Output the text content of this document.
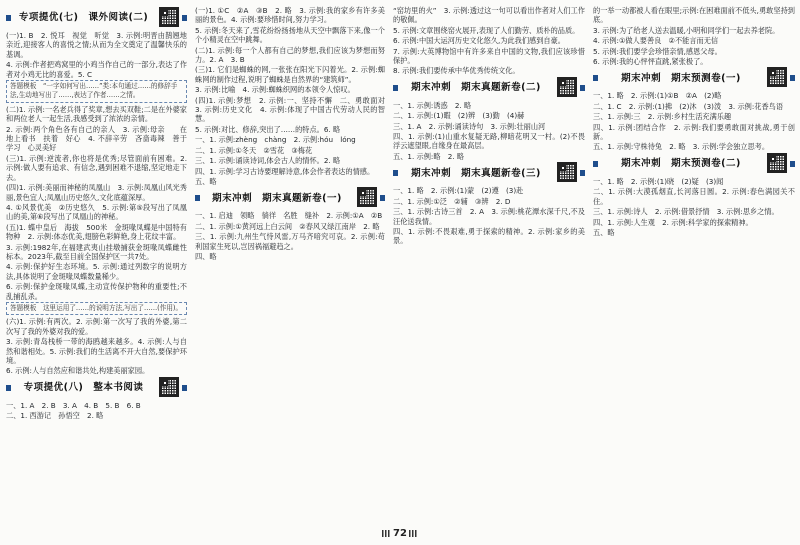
专项提优(七)　课外阅读(二)

(一)1. B　2. 悦耳　视觉　听觉　3. 示例:明晋由鹊翘地亲近,迎接客人的喜悦之情;从而为全文奠定了温馨快乐的基调。

4. 示例:作者把鸡窝里的小鸡当作自己的一部分,表达了作者对小鸡无比的喜爱。5. C

答题模板　“一字如何写出……”类:本句通过……的修辞手法,生动地写出了……,表达了作者……之情。

(二)1. 示例:一名老兵得了奖章,想去买双鞋;二是在外婆家和两位老人一起生活,我感受到了浓浓的亲情。

2. 示例:两个角色各有自己的亲人　3. 示例:母亲　　在地上看书　扶着　好心　4. 不辞辛劳　吝啬毒辣　善于学习　心灵美好

(三)1. 示例:逆流者,你也将是优秀;尽管面前有困难。2. 示例:做人要有追求、有信念,遇到困难不退缩,坚定地走下去。

(四)1. 示例:美丽而神秘的凤凰山　3. 示例:凤凰山风光秀丽,景色宜人;凤凰山历史悠久,文化底蕴深厚。

4. ①风景优美　②历史悠久　5. 示例:第⑤段写出了凤凰山的美,第⑥段写出了凤凰山的神秘。

(五)1. 蝶中皇后　海拔　500米　金斑喙凤蝶是中国特有物种　2. 示例:体态优美,翅膀色彩鲜艳,身上花纹丰富。

3. 示例:1982年,在福建武夷山挂墩捕获金斑喙凤蝶雌性标本。2023年,截至目前全国保护区一共7处。

4. 示例:保护好生态环境。5. 示例:通过列数字的说明方法,具体说明了金斑喙凤蝶数量稀少。

6. 示例:保护金斑喙凤蝶,主动宣传保护物种的重要性;不乱捕乱杀。

答题模板　这里运用了……的说明方法,写出了……(作用)。

(六)1. 示例:有两次。2. 示例:第一次写了我的外婆,第二次写了我的外婆对我的爱。

3. 示例:青岛栈桥一带的海鸥越来越多。4. 示例:人与自然和谐相处。5. 示例:我们的生活离不开大自然,要保护环境。

6. 示例:人与自然应和谐共处,构建美丽家园。

专项提优(八)　整本书阅读

一、1. A　2. B　3. A　4. B　5. B　6. B

二、1. 西游记　孙悟空　2. 略

(一)1. ①C　②A　③B　2. 略　3. 示例:我的家乡有许多美丽的景色。4. 示例:要珍惜时间,努力学习。

5. 示例:冬天来了,雪花纷纷扬扬地从天空中飘落下来,像一个个小精灵在空中跳舞。

(二)1. 示例:每一个人都有自己的梦想,我们应该为梦想而努力。2. A　3. B

(三)1. 它们是蜘蛛的网,一张张在阳光下闪着光。2. 示例:蜘蛛网的制作过程,说明了蜘蛛是自然界的“建筑师”。

3. 示例:比喻　4. 示例:蜘蛛织网的本领令人惊叹。

(四)1. 示例:梦想　2. 示例:一、坚持不懈　二、勇敢面对　3. 示例:历史文化　4. 示例:体现了中国古代劳动人民的智慧。

5. 示例:对比、修辞,突出了……的特点。6. 略

一、1. 示例:zhèng　chàng　2. 示例:hóu　lóng

二、1. 示例:①冬天　②雪花　③梅花

三、1. 示例:诵读诗词,体会古人的情怀。2. 略

四、1. 示例:学习古诗要理解诗意,体会作者表达的情感。

五、略

期末冲刺　期末真题新卷(一)

一、1. 启迪　领略　徜徉　名胜　缝补　2. 示例:①A　②B

二、1. 示例:①黄河远上白云间　②春风又绿江南岸　2. 略

三、1. 示例:九州生气恃风雷,万马齐喑究可哀。2. 示例:苟利国家生死以,岂因祸福避趋之。

四、略

“窑坊里的火”　3. 示例:透过这一句可以看出作者对人们工作的敬佩。

5. 示例:文章围绕窑火展开,表现了人们勤劳、质朴的品质。

6. 示例:中国大运河历史文化悠久,为此我们感到自豪。

7. 示例:大英博物馆中有许多来自中国的文物,我们应该珍惜保护。

8. 示例:我们要传承中华优秀传统文化。

期末冲刺　期末真题新卷(二)

一、1. 示例:诱惑　2. 略

二、1. 示例:(1)暇　(2)辨　(3)勤　(4)赫

三、1. A　2. 示例:诵读诗句　3. 示例:壮丽山河

四、1. 示例:(1)山重水复疑无路,柳暗花明又一村。(2)不畏浮云遮望眼,自缘身在最高层。

五、1. 示例:略　2. 略

期末冲刺　期末真题新卷(三)

一、1. 略　2. 示例:(1)蒙　(2)遵　(3)赴

二、1. 示例:①泛　②辅　③辨　2. D

三、1. 示例:古诗三首　2. A　3. 示例:桃花潭水深千尺,不及汪伦送我情。

四、1. 示例:不畏艰难,勇于探索的精神。2. 示例:家乡的美景。

的一举一动都被人看在眼里;示例:在困难面前不低头,勇敢坚持到底。

3. 示例:为了给老人送去温暖,小明和同学们一起去养老院。

4. 示例:①做人要善良　②不能言而无信

5. 示例:我们要学会珍惜亲情,感恩父母。

6. 示例:我的心怦怦直跳,紧张极了。

期末冲刺　期末预测卷(一)

一、1. 略　2. 示例:(1)①B　②A　(2)略

二、1. C　2. 示例:(1)拂　(2)沐　(3)泼　3. 示例:花香鸟语

三、1. 示例:三　2. 示例:乡村生活充满乐趣

四、1. 示例:团结合作　2. 示例:我们要勇敢面对挑战,勇于创新。

五、1. 示例:守株待兔　2. 略　3. 示例:学会独立思考。

期末冲刺　期末预测卷(二)

一、1. 略　2. 示例:(1)晓　(2)疑　(3)闻

二、1. 示例:大漠孤烟直,长河落日圆。2. 示例:春色满园关不住。

三、1. 示例:诗人　2. 示例:借景抒情　3. 示例:思乡之情。

四、1. 示例:人生观　2. 示例:科学家的探索精神。

五、略

72
